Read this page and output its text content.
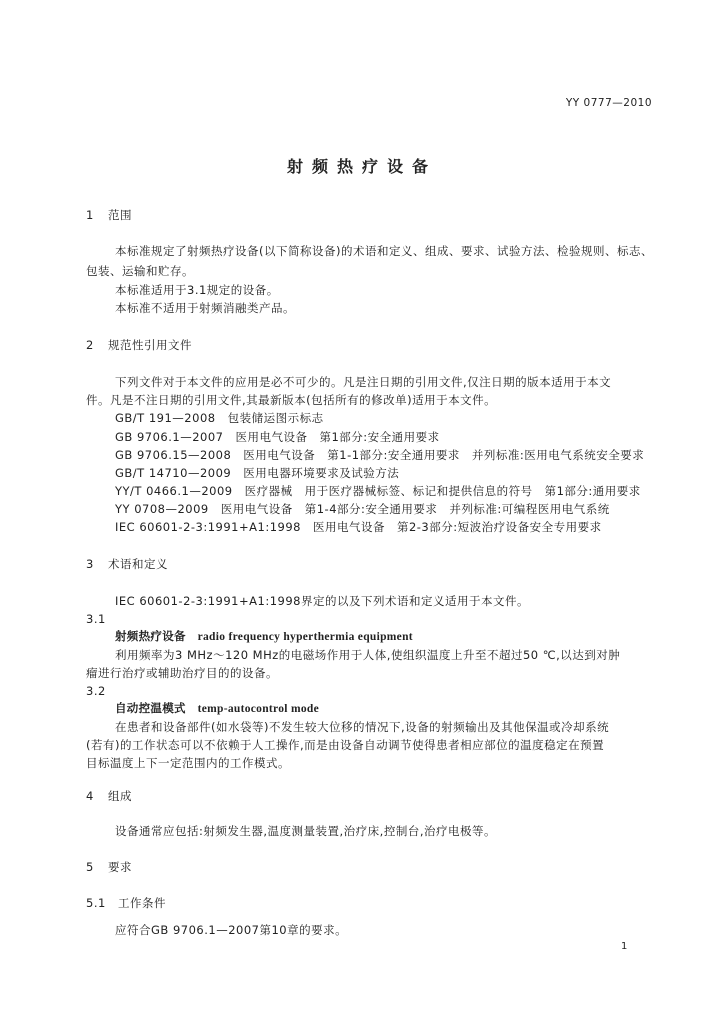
YY 0777—2010
射频热疗设备
1 范围
本标准规定了射频热疗设备(以下简称设备)的术语和定义、组成、要求、试验方法、检验规则、标志、
包装、运输和贮存。
本标准适用于3.1规定的设备。
本标准不适用于射频消融类产品。
2 规范性引用文件
下列文件对于本文件的应用是必不可少的。凡是注日期的引用文件,仅注日期的版本适用于本文
件。凡是不注日期的引用文件,其最新版本(包括所有的修改单)适用于本文件。
GB/T 191—2008　包装储运图示标志
GB 9706.1—2007　医用电气设备　第1部分:安全通用要求
GB 9706.15—2008　医用电气设备　第1-1部分:安全通用要求　并列标准:医用电气系统安全要求
GB/T 14710—2009　医用电器环境要求及试验方法
YY/T 0466.1—2009　医疗器械　用于医疗器械标签、标记和提供信息的符号　第1部分:通用要求
YY 0708—2009　医用电气设备　第1-4部分:安全通用要求　并列标准:可编程医用电气系统
IEC 60601-2-3:1991+A1:1998　医用电气设备　第2-3部分:短波治疗设备安全专用要求
3 术语和定义
IEC 60601-2-3:1991+A1:1998界定的以及下列术语和定义适用于本文件。
3.1
射频热疗设备　radio frequency hyperthermia equipment
利用频率为3 MHz～120 MHz的电磁场作用于人体,使组织温度上升至不超过50 ℃,以达到对肿
瘤进行治疗或辅助治疗目的的设备。
3.2
自动控温模式　temp-autocontrol mode
在患者和设备部件(如水袋等)不发生较大位移的情况下,设备的射频输出及其他保温或冷却系统
(若有)的工作状态可以不依赖于人工操作,而是由设备自动调节使得患者相应部位的温度稳定在预置
目标温度上下一定范围内的工作模式。
4 组成
设备通常应包括:射频发生器,温度测量装置,治疗床,控制台,治疗电极等。
5 要求
5.1 工作条件
应符合GB 9706.1—2007第10章的要求。
1
